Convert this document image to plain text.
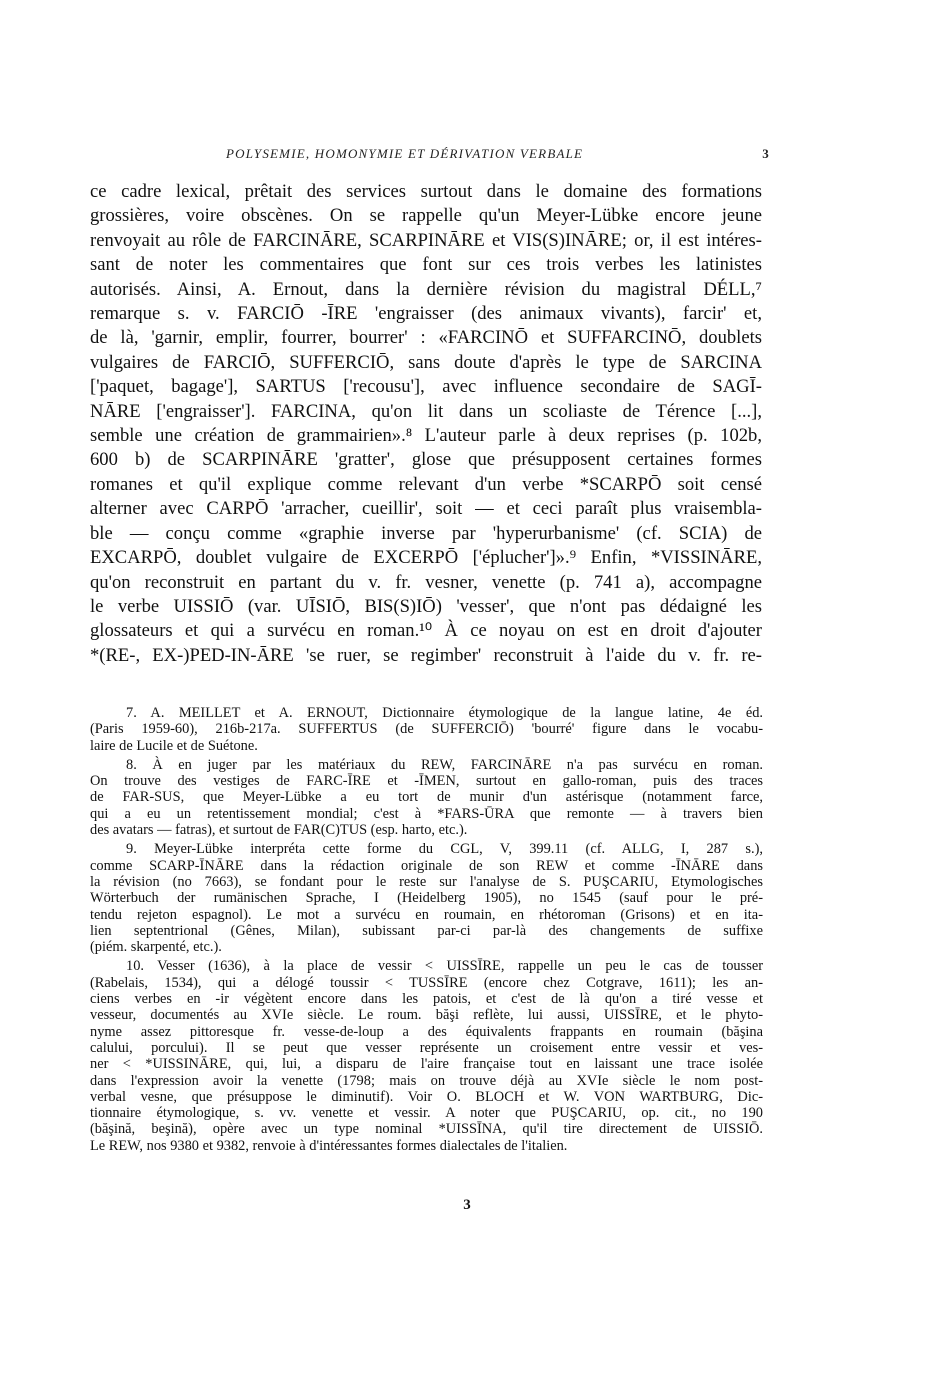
POLYSEMIE, HOMONYMIE ET DÉRIVATION VERBALE	3
ce cadre lexical, prêtait des services surtout dans le domaine des formations
grossières, voire obscènes. On se rappelle qu'un Meyer-Lübke encore jeune
renvoyait au rôle de FARCINĀRE, SCARPINĀRE et VIS(S)INĀRE; or, il est intéres-
sant de noter les commentaires que font sur ces trois verbes les latinistes
autorisés. Ainsi, A. Ernout, dans la dernière révision du magistral DÉLL,⁷
remarque s. v. FARCIŌ -ĪRE 'engraisser (des animaux vivants), farcir' et,
de là, 'garnir, emplir, fourrer, bourrer' : «FARCINŌ et SUFFARCINŌ, doublets
vulgaires de FARCIŌ, SUFFERCIŌ, sans doute d'après le type de SARCINA
['paquet, bagage'], SARTUS ['recousu'], avec influence secondaire de SAGĪ-
NĀRE ['engraisser']. FARCINA, qu'on lit dans un scoliaste de Térence [...],
semble une création de grammairien».⁸ L'auteur parle à deux reprises (p. 102b,
600 b) de SCARPINĀRE 'gratter', glose que présupposent certaines formes
romanes et qu'il explique comme relevant d'un verbe *SCARPŌ soit censé
alterner avec CARPŌ 'arracher, cueillir', soit — et ceci paraît plus vraisembla-
ble — conçu comme «graphie inverse par 'hyperurbanisme' (cf. SCIA) de
EXCARPŌ, doublet vulgaire de EXCERPŌ ['éplucher']».⁹ Enfin, *VISSINĀRE,
qu'on reconstruit en partant du v. fr. vesner, venette (p. 741 a), accompagne
le verbe UISSIŌ (var. UĪSIŌ, BIS(S)IŌ) 'vesser', que n'ont pas dédaigné les
glossateurs et qui a survécu en roman.¹⁰ À ce noyau on est en droit d'ajouter
*(RE-, EX-)PED-IN-ĀRE 'se ruer, se regimber' reconstruit à l'aide du v. fr. re-
7. A. MEILLET et A. ERNOUT, Dictionnaire étymologique de la langue latine, 4e éd.
(Paris 1959-60), 216b-217a. SUFFERTUS (de SUFFERCIŌ) 'bourré' figure dans le vocabu-
laire de Lucile et de Suétone.
8. À en juger par les matériaux du REW, FARCINĀRE n'a pas survécu en roman.
On trouve des vestiges de FARC-ĪRE et -ĪMEN, surtout en gallo-roman, puis des traces
de FAR-SUS, que Meyer-Lübke a eu tort de munir d'un astérisque (notamment farce,
qui a eu un retentissement mondial; c'est à *FARS-ŪRA que remonte — à travers bien
des avatars — fatras), et surtout de FAR(C)TUS (esp. harto, etc.).
9. Meyer-Lübke interpréta cette forme du CGL, V, 399.11 (cf. ALLG, I, 287 s.),
comme SCARP-ĪNĀRE dans la rédaction originale de son REW et comme -ĪNĀRE dans
la révision (no 7663), se fondant pour le reste sur l'analyse de S. PUŞCARIU, Etymologisches
Wörterbuch der rumänischen Sprache, I (Heidelberg 1905), no 1545 (sauf pour le pré-
tendu rejeton espagnol). Le mot a survécu en roumain, en rhétoroman (Grisons) et en ita-
lien septentrional (Gênes, Milan), subissant par-ci par-là des changements de suffixe
(piém. skarpenté, etc.).
10. Vesser (1636), à la place de vessir < UISSĪRE, rappelle un peu le cas de tousser
(Rabelais, 1534), qui a délogé toussir < TUSSĪRE (encore chez Cotgrave, 1611); les an-
ciens verbes en -ir végètent encore dans les patois, et c'est de là qu'on a tiré vesse et
vesseur, documentés au XVIe siècle. Le roum. băşi reflète, lui aussi, UISSĪRE, et le phyto-
nyme assez pittoresque fr. vesse-de-loup a des équivalents frappants en roumain (băşina
calului, porcului). Il se peut que vesser représente un croisement entre vessir et ves-
ner < *UISSINĀRE, qui, lui, a disparu de l'aire française tout en laissant une trace isolée
dans l'expression avoir la venette (1798; mais on trouve déjà au XVIe siècle le nom post-
verbal vesne, que présuppose le diminutif). Voir O. BLOCH et W. VON WARTBURG, Dic-
tionnaire étymologique, s. vv. venette et vessir. A noter que PUŞCARIU, op. cit., no 190
(băşină, beşină), opère avec un type nominal *UISSĪNA, qu'il tire directement de UISSIŌ.
Le REW, nos 9380 et 9382, renvoie à d'intéressantes formes dialectales de l'italien.
3
